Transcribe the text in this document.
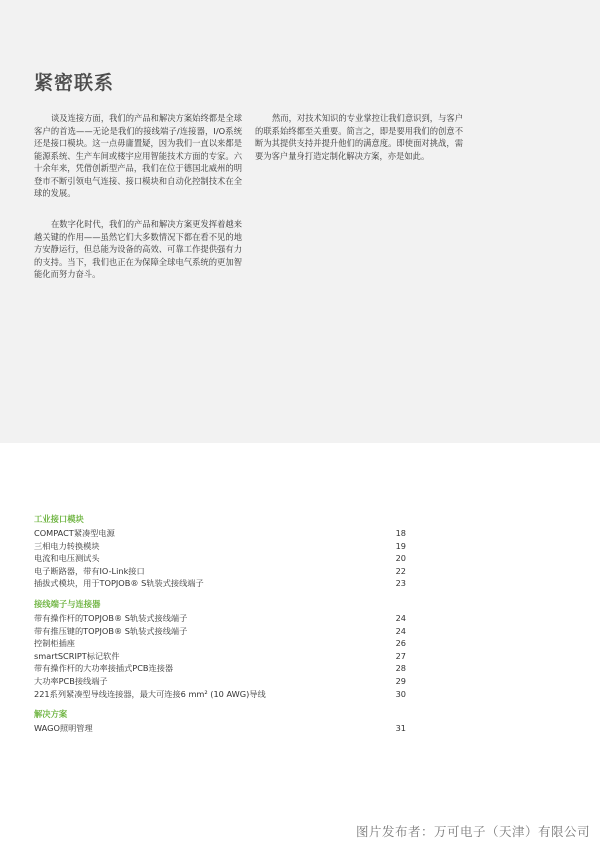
紧密联系

谈及连接方面，我们的产品和解决方案始终都是全球客户的首选——无论是我们的接线端子/连接器，I/O系统还是接口模块。这一点毋庸置疑，因为我们一直以来都是能源系统、生产车间或楼宇应用智能技术方面的专家。六十余年来，凭借创新型产品，我们在位于德国北威州的明登市不断引领电气连接、接口模块和自动化控制技术在全球的发展。

在数字化时代，我们的产品和解决方案更发挥着越来越关键的作用——虽然它们大多数情况下都在看不见的地方安静运行，但总能为设备的高效、可靠工作提供强有力的支持。当下，我们也正在为保障全球电气系统的更加智能化而努力奋斗。

然而，对技术知识的专业掌控让我们意识到，与客户的联系始终都至关重要。简言之，即是要用我们的创意不断为其提供支持并提升他们的满意度。即使面对挑战，需要为客户量身打造定制化解决方案，亦是如此。

工业接口模块
COMPACT紧凑型电源	18
三相电力转换模块	19
电流和电压测试头	20
电子断路器，带有IO-Link接口	22
插拔式模块，用于TOPJOB® S轨装式接线端子	23
接线端子与连接器
带有操作杆的TOPJOB® S轨装式接线端子	24
带有推压键的TOPJOB® S轨装式接线端子	24
控制柜插座	26
smartSCRIPT标记软件	27
带有操作杆的大功率接插式PCB连接器	28
大功率PCB接线端子	29
221系列紧凑型导线连接器，最大可连接6 mm² (10 AWG)导线	30
解决方案
WAGO照明管理	31
图片发布者：万可电子（天津）有限公司
